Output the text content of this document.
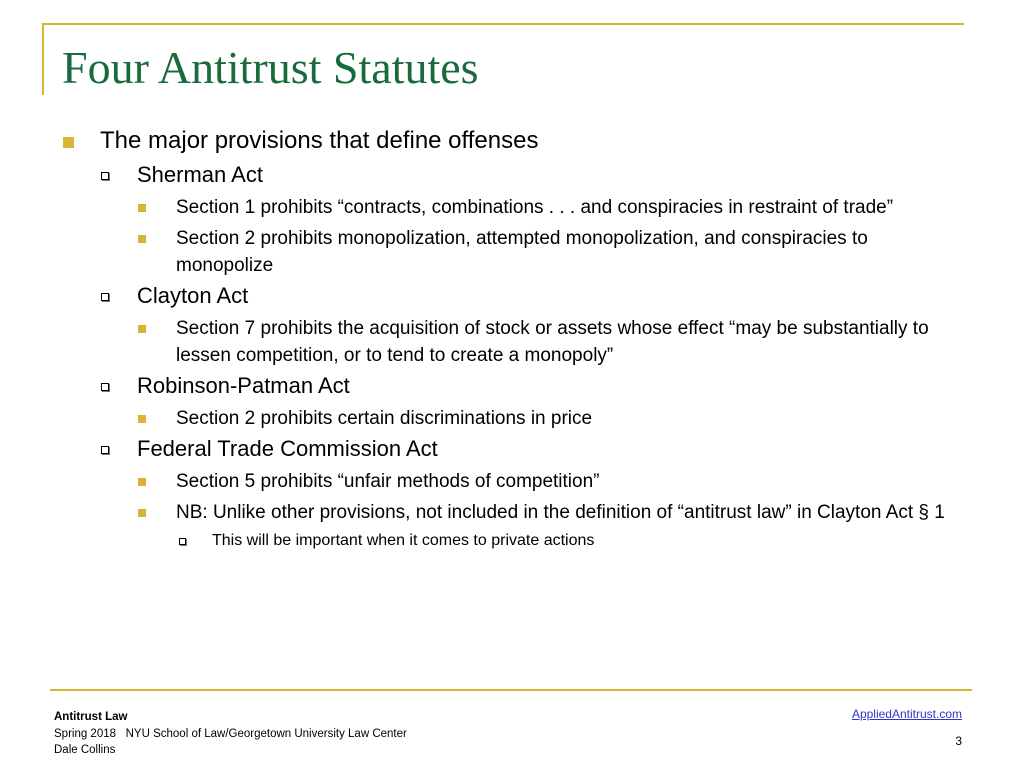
Four Antitrust Statutes
The major provisions that define offenses
Sherman Act
Section 1 prohibits “contracts, combinations . . . and conspiracies in restraint of trade”
Section 2 prohibits monopolization, attempted monopolization, and conspiracies to monopolize
Clayton Act
Section 7 prohibits the acquisition of stock or assets whose effect “may be substantially to lessen competition, or to tend to create a monopoly”
Robinson-Patman Act
Section 2 prohibits certain discriminations in price
Federal Trade Commission Act
Section 5 prohibits “unfair methods of competition”
NB: Unlike other provisions, not included in the definition of “antitrust law” in Clayton Act § 1
This will be important when it comes to private actions
Antitrust Law
Spring 2018   NYU School of Law/Georgetown University Law Center
Dale Collins
AppliedAntitrust.com
3
